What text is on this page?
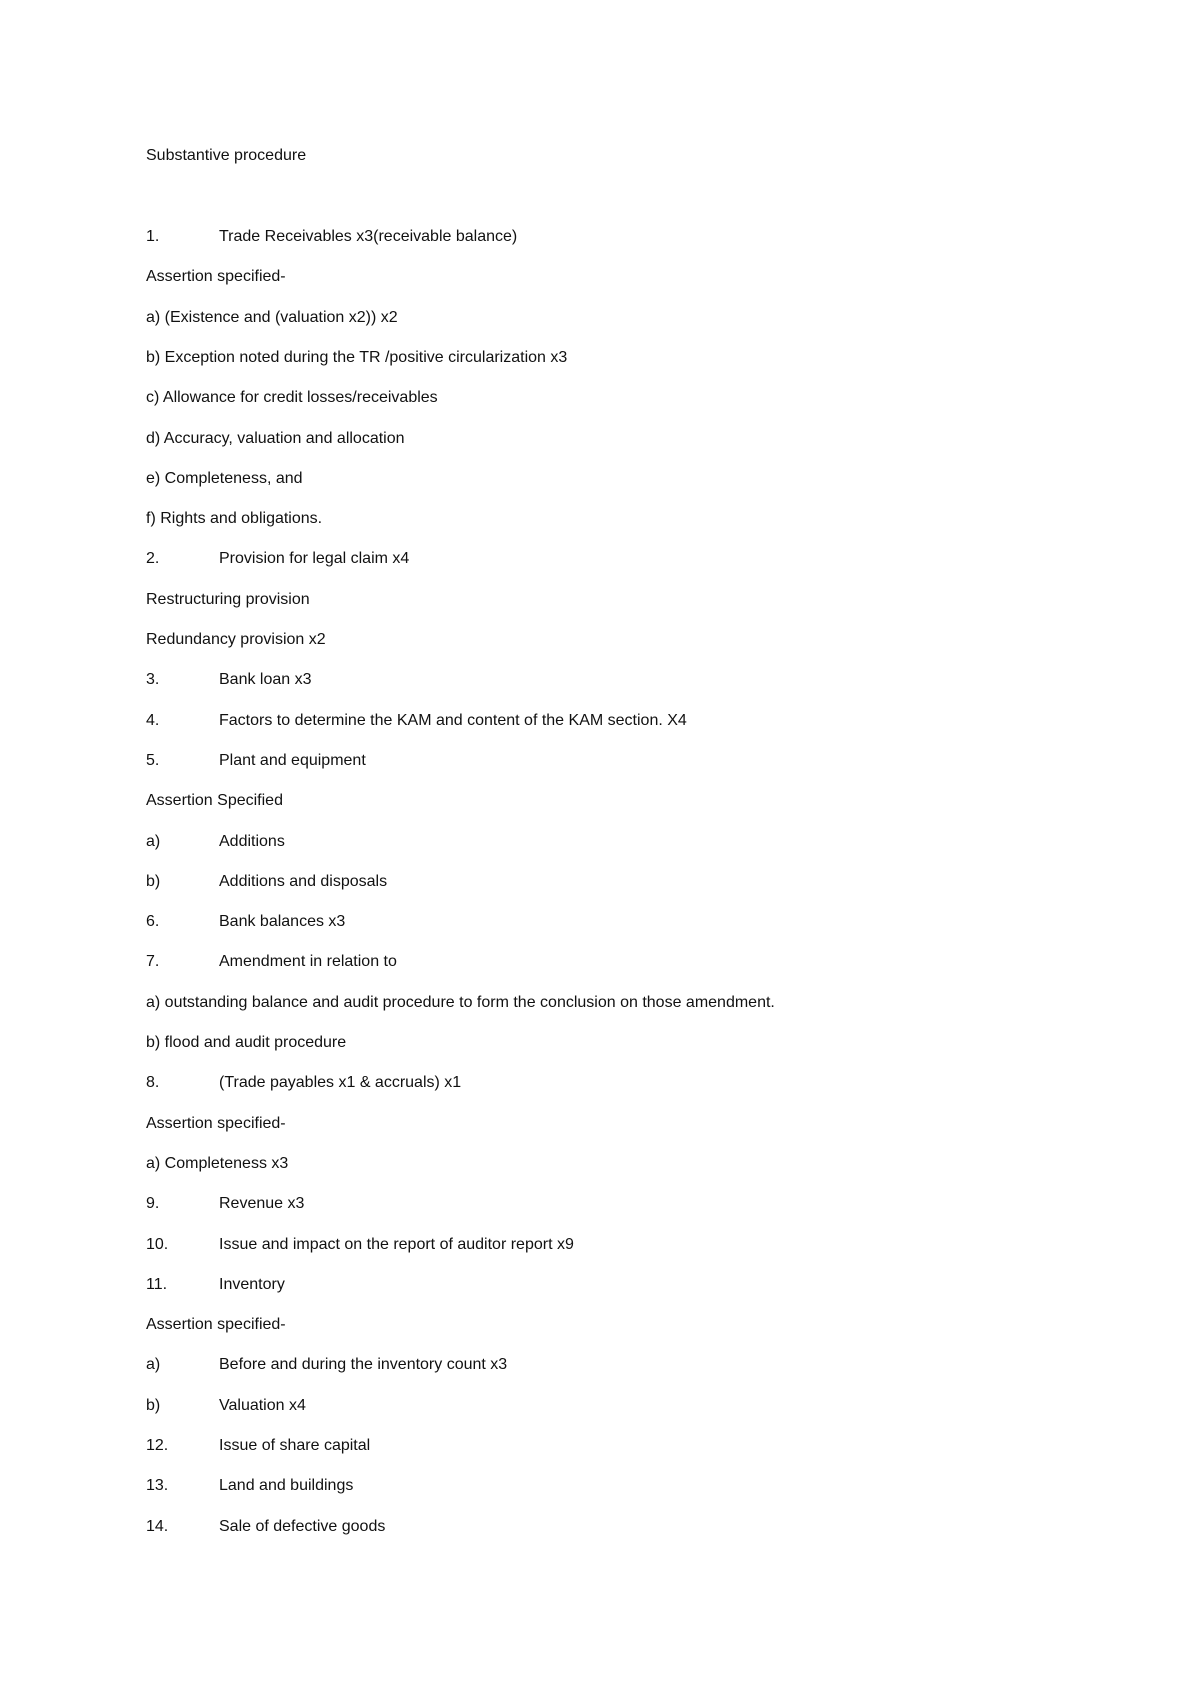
Substantive procedure
1.	Trade Receivables x3(receivable balance)
Assertion specified-
a) (Existence and (valuation x2)) x2
b) Exception noted during the TR /positive circularization x3
c) Allowance for credit losses/receivables
d) Accuracy, valuation and allocation
e) Completeness, and
f) Rights and obligations.
2.	Provision for legal claim x4
Restructuring provision
Redundancy provision x2
3.	Bank loan x3
4.	Factors to determine the KAM and content of the KAM section. X4
5.	Plant and equipment
Assertion Specified
a)	Additions
b)	Additions and disposals
6.	Bank balances x3
7.	Amendment in relation to
a) outstanding balance and audit procedure to form the conclusion on those amendment.
b) flood and audit procedure
8.	(Trade payables x1 & accruals) x1
Assertion specified-
a) Completeness x3
9.	Revenue x3
10.	Issue and impact on the report of auditor report x9
11.	Inventory
Assertion specified-
a)	Before and during the inventory count x3
b)	Valuation x4
12.	Issue of share capital
13.	Land and buildings
14.	Sale of defective goods
